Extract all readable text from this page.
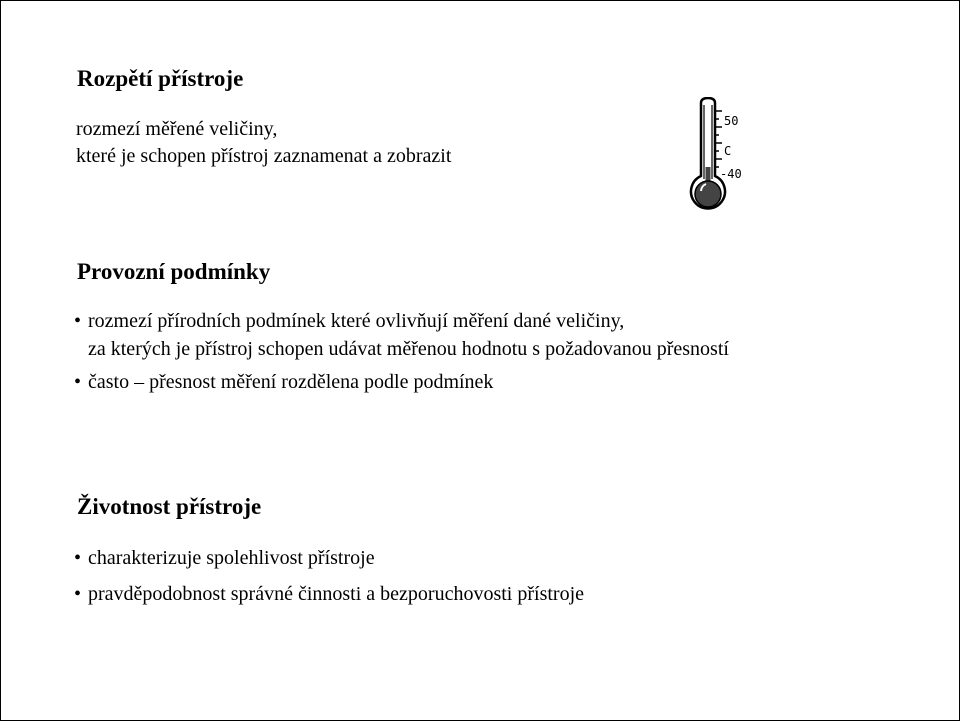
Rozpětí přístroje

rozmezí měřené veličiny,

které je schopen přístroj zaznamenat a zobrazit

50
C
-40
Provozní podmínky
• rozmezí přírodních podmínek které ovlivňují měření dané veličiny,
za kterých je přístroj schopen udávat měřenou hodnotu s požadovanou přesností
• často – přesnost měření rozdělena podle podmínek
Životnost přístroje
• charakterizuje spolehlivost přístroje
• pravděpodobnost správné činnosti a bezporuchovosti přístroje
